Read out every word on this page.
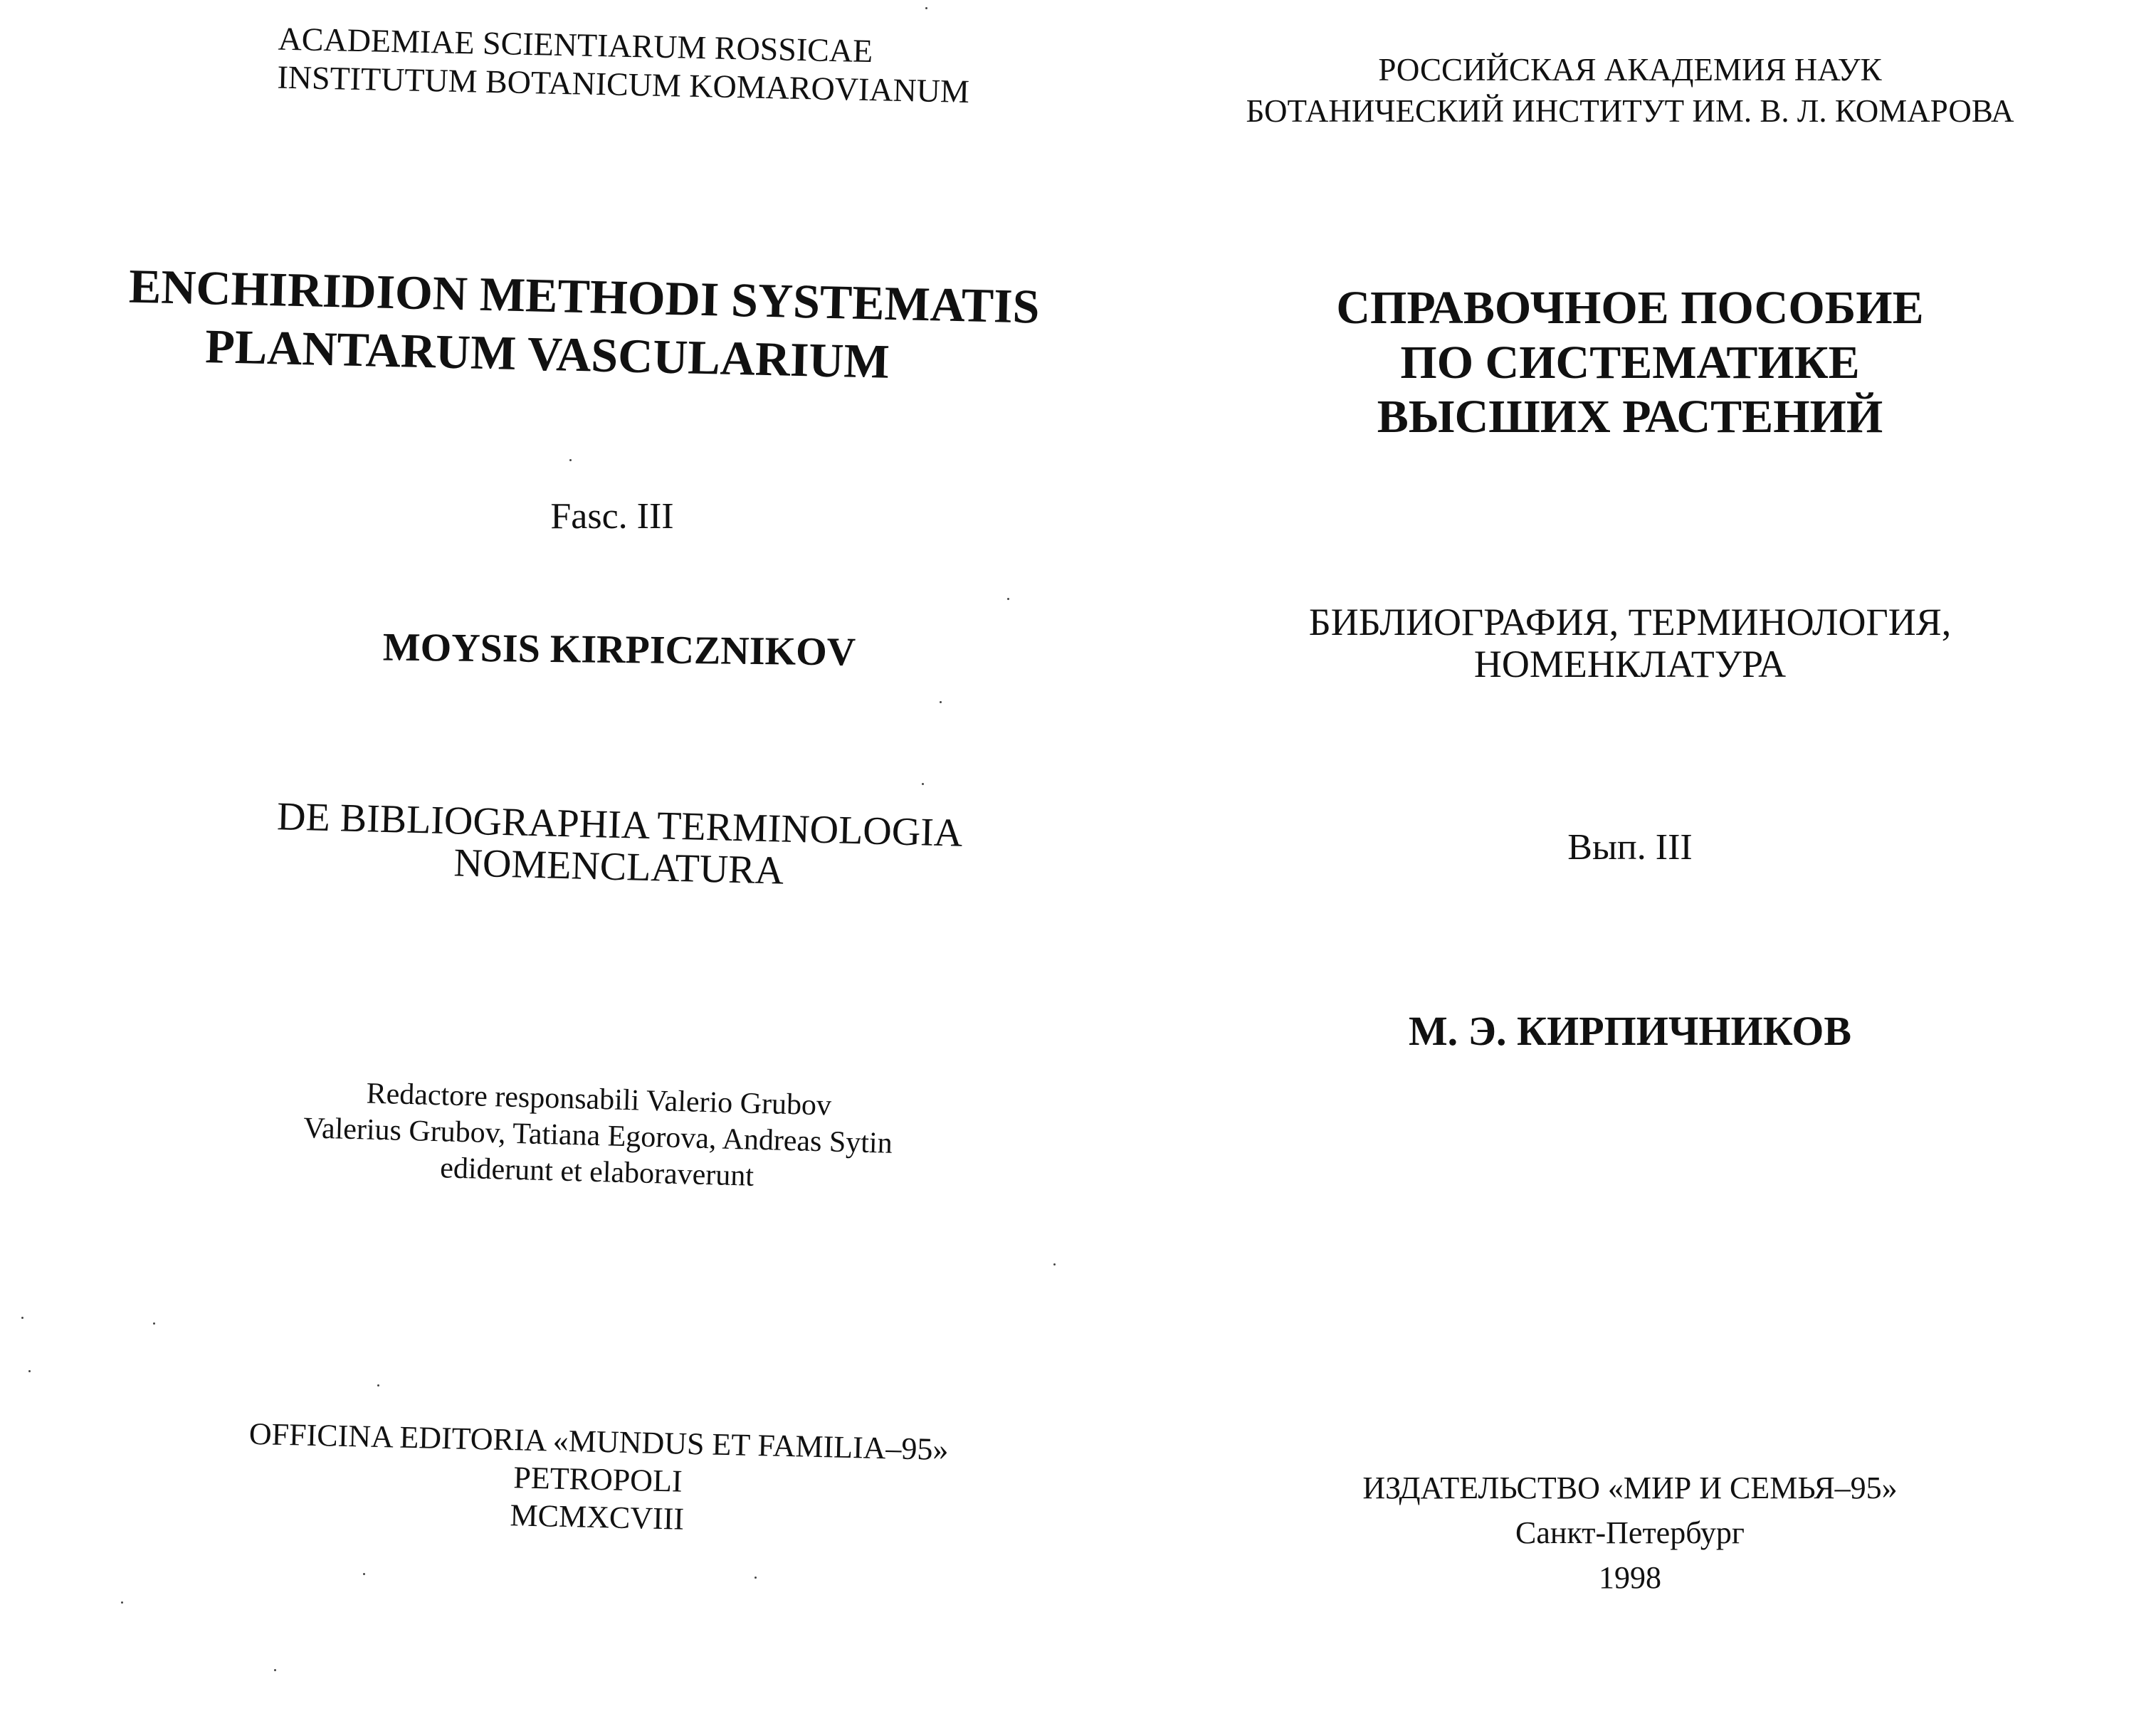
ACADEMIAE SCIENTIARUM ROSSICAE
INSTITUTUM BOTANICUM KOMAROVIANUM
ENCHIRIDION METHODI SYSTEMATIS
PLANTARUM VASCULARIUM
Fasc. III
MOYSIS KIRPICZNIKOV
DE BIBLIOGRAPHIA TERMINOLOGIA
NOMENCLATURA
Redactore responsabili Valerio Grubov
Valerius Grubov, Tatiana Egorova, Andreas Sytin
ediderunt et elaboraverunt
OFFICINA EDITORIA «MUNDUS ET FAMILIA–95»
PETROPOLI
MCMXCVIII
РОССИЙСКАЯ АКАДЕМИЯ НАУК
БОТАНИЧЕСКИЙ ИНСТИТУТ ИМ. В. Л. КОМАРОВА
СПРАВОЧНОЕ ПОСОБИЕ
ПО СИСТЕМАТИКЕ
ВЫСШИХ РАСТЕНИЙ
БИБЛИОГРАФИЯ, ТЕРМИНОЛОГИЯ,
НОМЕНКЛАТУРА
Вып. III
М. Э. КИРПИЧНИКОВ
ИЗДАТЕЛЬСТВО «МИР И СЕМЬЯ–95»
Санкт-Петербург
1998
